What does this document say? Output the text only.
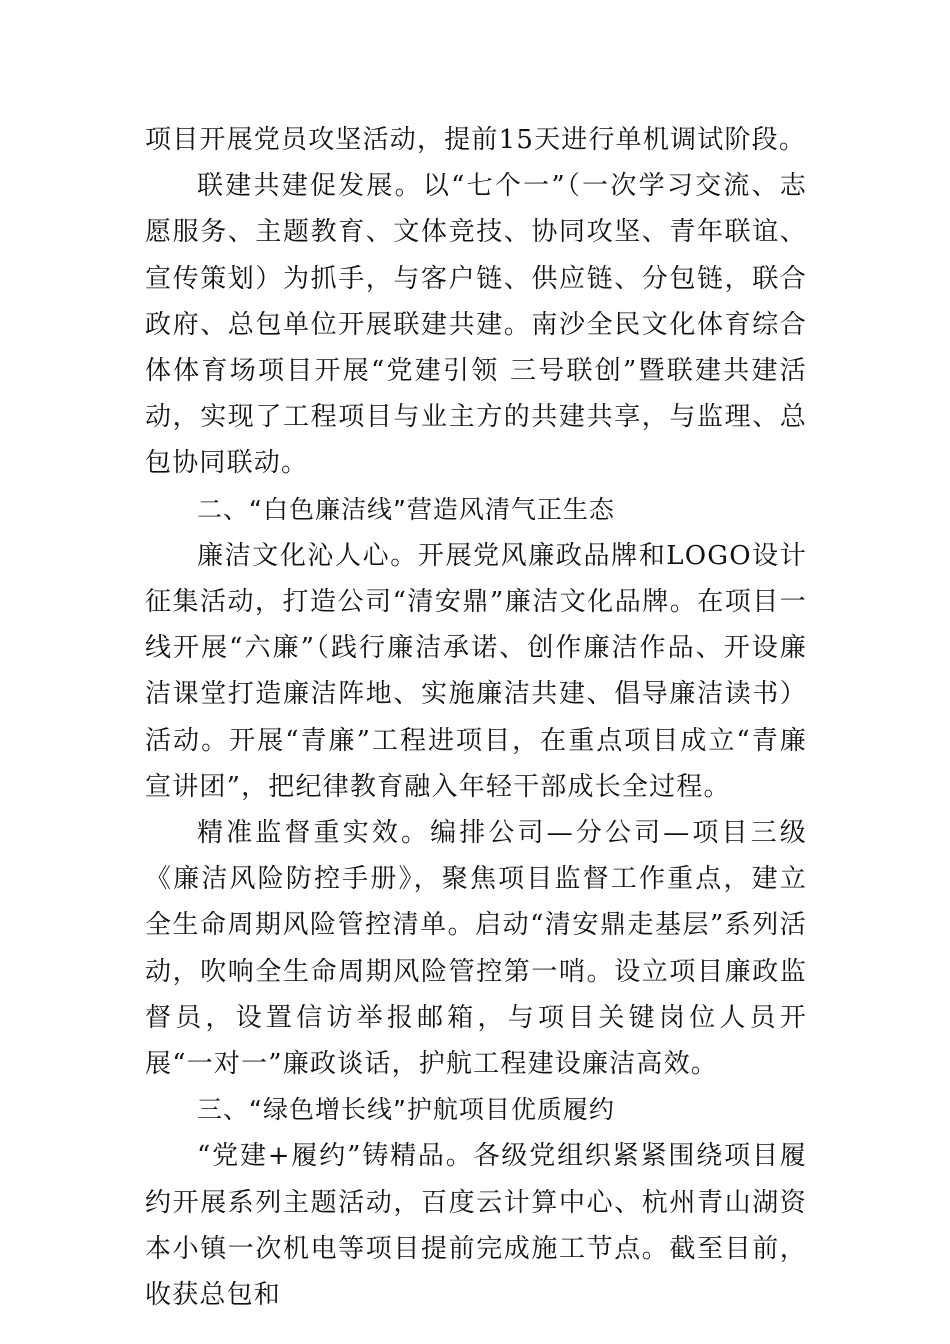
项目开展党员攻坚活动，提前15天进行单机调试阶段。

联建共建促发展。以“七个一”（一次学习交流、志愿服务、主题教育、文体竞技、协同攻坚、青年联谊、宣传策划）为抓手，与客户链、供应链、分包链，联合政府、总包单位开展联建共建。南沙全民文化体育综合体体育场项目开展“党建引领 三号联创”暨联建共建活动，实现了工程项目与业主方的共建共享，与监理、总包协同联动。

二、“白色廉洁线”营造风清气正生态

廉洁文化沁人心。开展党风廉政品牌和LOGO设计征集活动，打造公司“清安鼎”廉洁文化品牌。在项目一线开展“六廉”（践行廉洁承诺、创作廉洁作品、开设廉洁课堂打造廉洁阵地、实施廉洁共建、倡导廉洁读书）活动。开展“青廉”工程进项目，在重点项目成立“青廉宣讲团”，把纪律教育融入年轻干部成长全过程。

精准监督重实效。编排公司—分公司—项目三级《廉洁风险防控手册》，聚焦项目监督工作重点，建立全生命周期风险管控清单。启动“清安鼎走基层”系列活动，吹响全生命周期风险管控第一哨。设立项目廉政监督员，设置信访举报邮箱，与项目关键岗位人员开展“一对一”廉政谈话，护航工程建设廉洁高效。

三、“绿色增长线”护航项目优质履约

“党建+履约”铸精品。各级党组织紧紧围绕项目履约开展系列主题活动，百度云计算中心、杭州青山湖资本小镇一次机电等项目提前完成施工节点。截至目前，收获总包和
